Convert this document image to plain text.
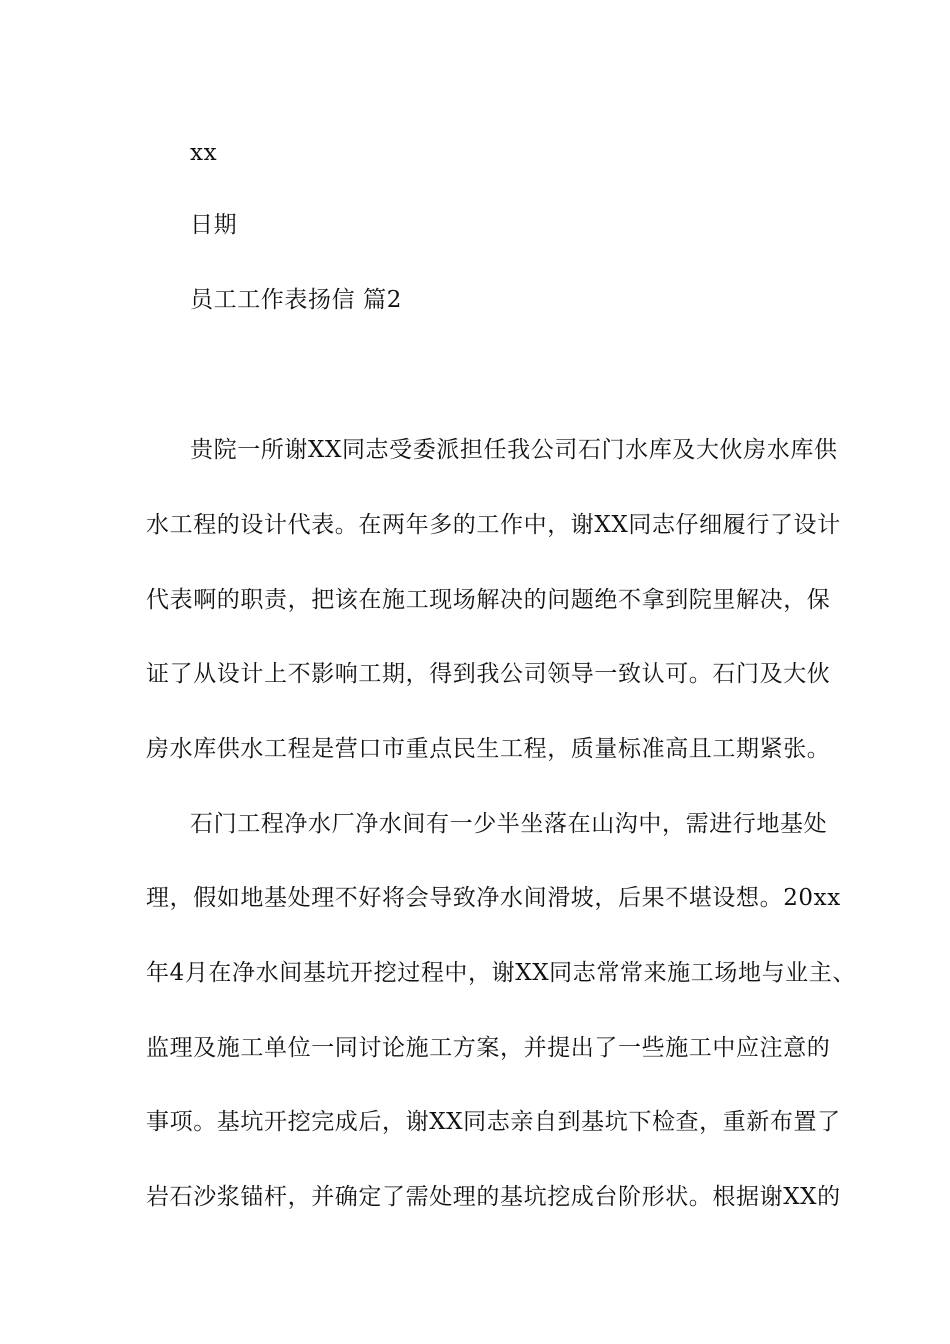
xx
日期
员工工作表扬信 篇2
贵院一所谢XX同志受委派担任我公司石门水库及大伙房水库供
水工程的设计代表。在两年多的工作中，谢XX同志仔细履行了设计
代表啊的职责，把该在施工现场解决的问题绝不拿到院里解决，保
证了从设计上不影响工期，得到我公司领导一致认可。石门及大伙
房水库供水工程是营口市重点民生工程，质量标准高且工期紧张。
石门工程净水厂净水间有一少半坐落在山沟中，需进行地基处
理，假如地基处理不好将会导致净水间滑坡，后果不堪设想。20xx
年4月在净水间基坑开挖过程中，谢XX同志常常来施工场地与业主、
监理及施工单位一同讨论施工方案，并提出了一些施工中应注意的
事项。基坑开挖完成后，谢XX同志亲自到基坑下检查，重新布置了
岩石沙浆锚杆，并确定了需处理的基坑挖成台阶形状。根据谢XX的
